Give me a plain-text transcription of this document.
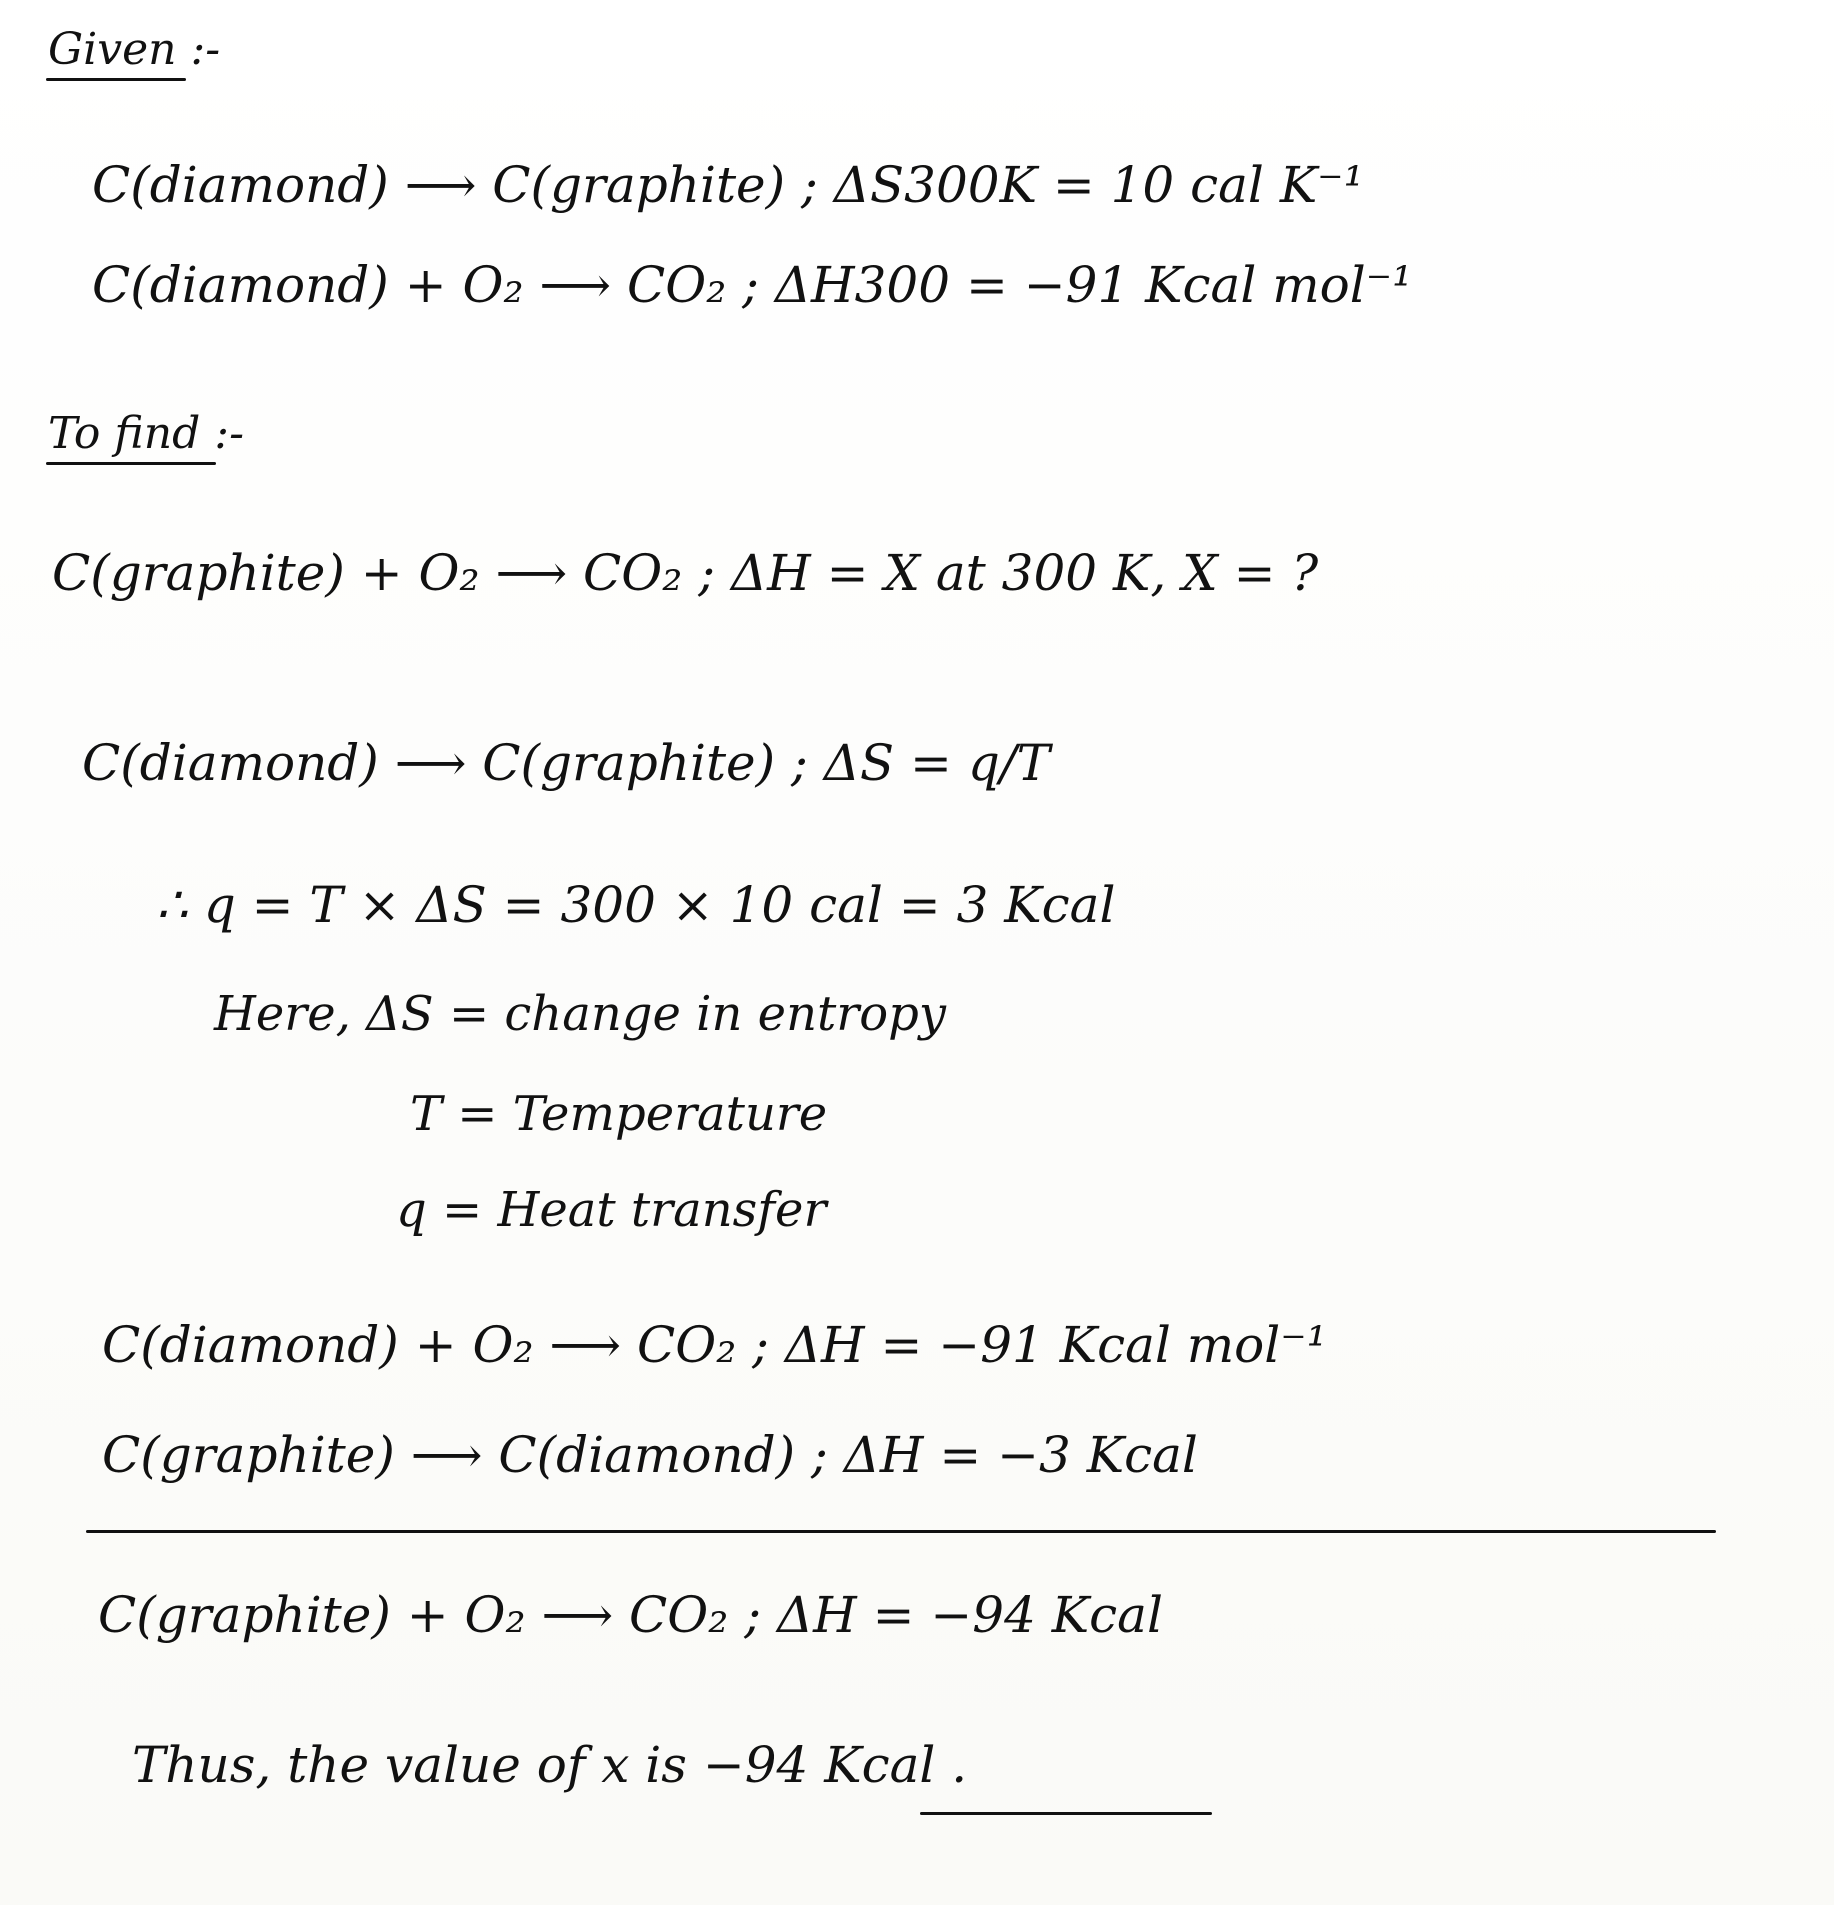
Given :-
C(diamond) ⟶ C(graphite) ; ΔS300K = 10 cal K⁻¹
C(diamond) + O₂ ⟶ CO₂ ; ΔH300 = −91 Kcal mol⁻¹
To find :-
C(graphite) + O₂ ⟶ CO₂ ; ΔH = X at 300 K, X = ?
C(diamond) ⟶ C(graphite) ; ΔS = q/T
∴ q = T × ΔS = 300 × 10 cal = 3 Kcal
Here, ΔS = change in entropy
T = Temperature
q = Heat transfer
C(diamond) + O₂ ⟶ CO₂ ; ΔH = −91 Kcal mol⁻¹
C(graphite) ⟶ C(diamond) ; ΔH = −3 Kcal
C(graphite) + O₂ ⟶ CO₂ ; ΔH = −94 Kcal
Thus, the value of x is −94 Kcal .
